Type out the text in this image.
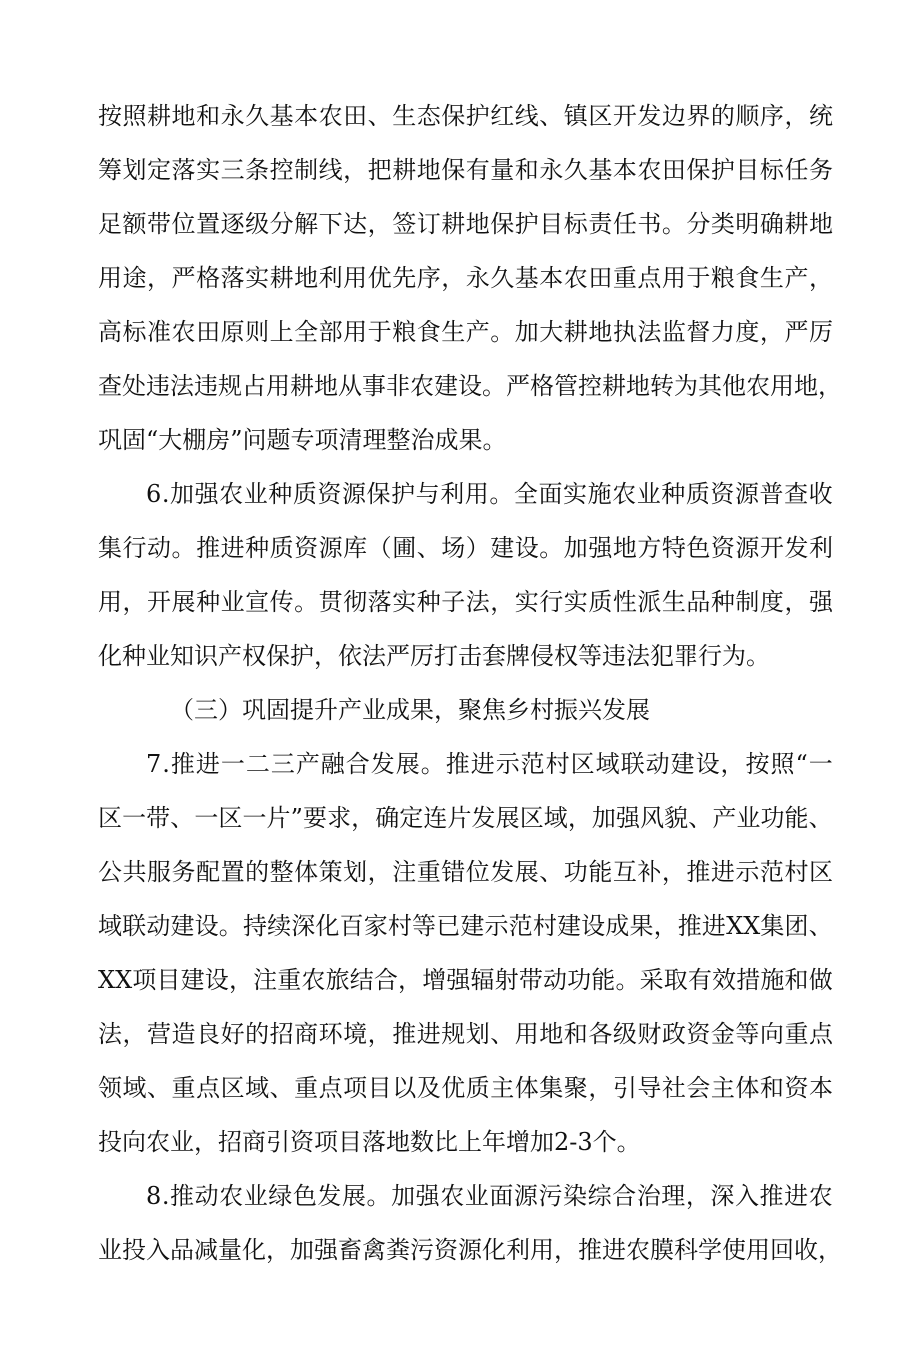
按 照 耕 地 和 永 久 基 本 农 田 、 生 态 保 护 红 线 、 镇 区 开 发 边 界 的 顺 序 ， 统
筹 划 定 落 实 三 条 控 制 线 ， 把 耕 地 保 有 量 和 永 久 基 本 农 田 保 护 目 标 任 务
足 额 带 位 置 逐 级 分 解 下 达 ， 签 订 耕 地 保 护 目 标 责 任 书 。 分 类 明 确 耕 地
用 途 ， 严 格 落 实 耕 地 利 用 优 先 序 ， 永 久 基 本 农 田 重 点 用 于 粮 食 生 产 ，
高 标 准 农 田 原 则 上 全 部 用 于 粮 食 生 产 。 加 大 耕 地 执 法 监 督 力 度 ， 严 厉
查 处 违 法 违 规 占 用 耕 地 从 事 非 农 建 设 。 严 格 管 控 耕 地 转 为 其 他 农 用 地 ，
巩固“大棚房”问题专项清理整治成果。
6 . 加 强 农 业 种 质 资 源 保 护 与 利 用 。 全 面 实 施 农 业 种 质 资 源 普 查 收
集 行 动 。 推 进 种 质 资 源 库 （ 圃 、 场 ） 建 设 。 加 强 地 方 特 色 资 源 开 发 利
用 ， 开 展 种 业 宣 传 。 贯 彻 落 实 种 子 法 ， 实 行 实 质 性 派 生 品 种 制 度 ， 强
化种业知识产权保护，依法严厉打击套牌侵权等违法犯罪行为。
（三）巩固提升产业成果，聚焦乡村振兴发展
7 . 推 进 一 二 三 产 融 合 发 展 。 推 进 示 范 村 区 域 联 动 建 设 ， 按 照 “ 一
区 一 带 、 一 区 一 片 ” 要 求 ， 确 定 连 片 发 展 区 域 ， 加 强 风 貌 、 产 业 功 能 、
公 共 服 务 配 置 的 整 体 策 划 ， 注 重 错 位 发 展 、 功 能 互 补 ， 推 进 示 范 村 区
域 联 动 建 设 。 持 续 深 化 百 家 村 等 已 建 示 范 村 建 设 成 果 ， 推 进 XX 集 团 、
XX 项 目 建 设 ， 注 重 农 旅 结 合 ， 增 强 辐 射 带 动 功 能 。 采 取 有 效 措 施 和 做
法 ， 营 造 良 好 的 招 商 环 境 ， 推 进 规 划 、 用 地 和 各 级 财 政 资 金 等 向 重 点
领 域 、 重 点 区 域 、 重 点 项 目 以 及 优 质 主 体 集 聚 ， 引 导 社 会 主 体 和 资 本
投向农业，招商引资项目落地数比上年增加2-3个。
8 . 推 动 农 业 绿 色 发 展 。 加 强 农 业 面 源 污 染 综 合 治 理 ， 深 入 推 进 农
业 投 入 品 减 量 化 ， 加 强 畜 禽 粪 污 资 源 化 利 用 ， 推 进 农 膜 科 学 使 用 回 收 ，
